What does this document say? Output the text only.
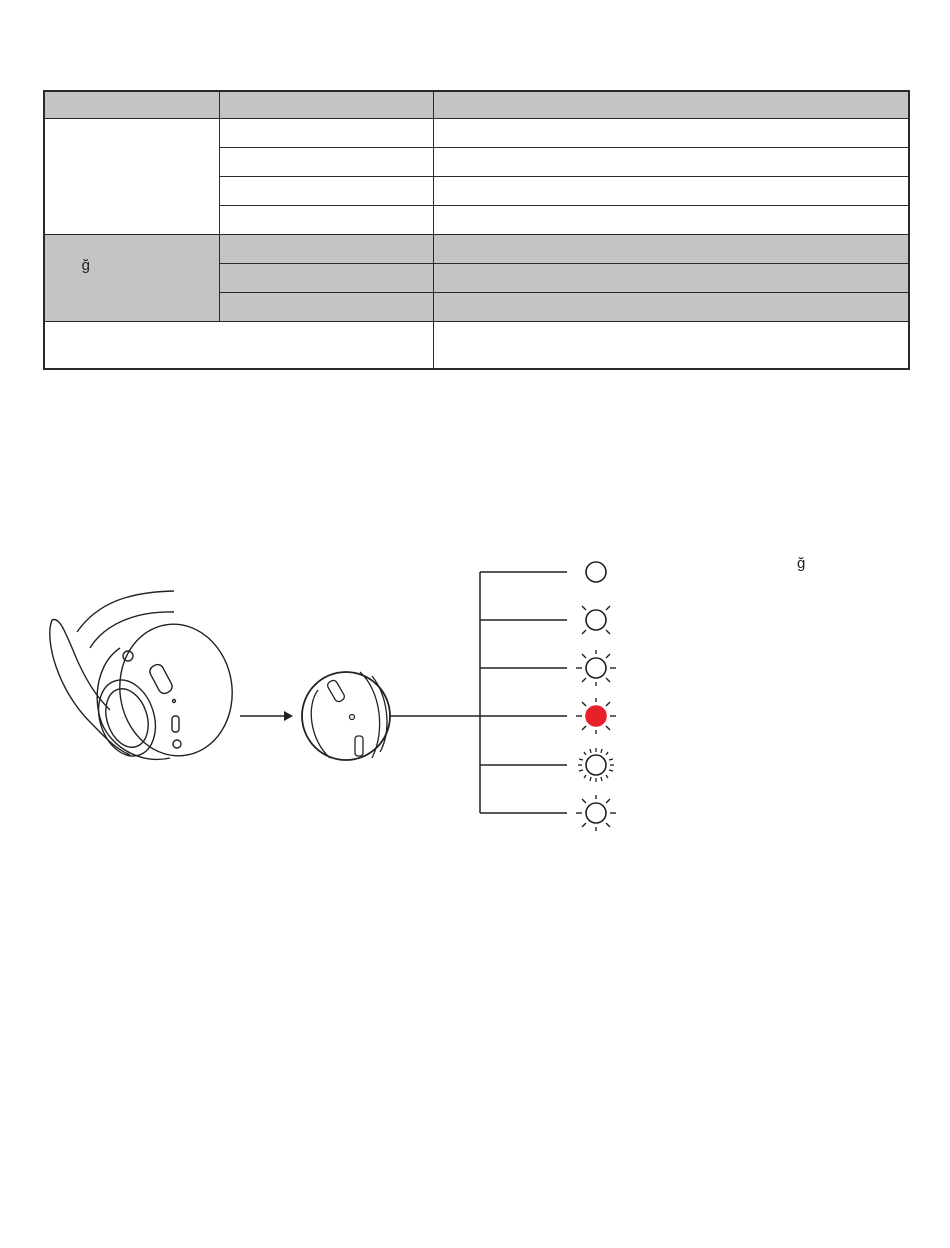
ğ		

ğ
